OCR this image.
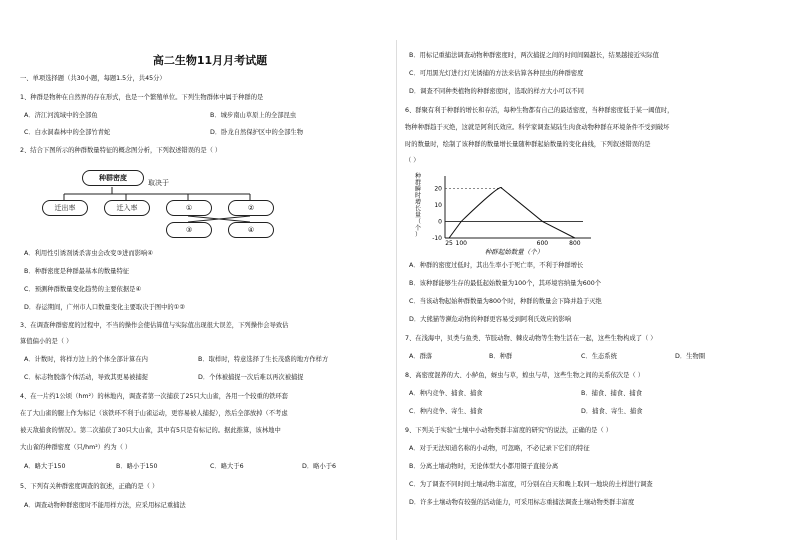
高二生物11月月考试题
一、单项选择题（共30小题，每题1.5分，共45分）
1、种群是物种在自然界的存在形式，也是一个繁殖单位。下列生物群体中属于种群的是
A．济江河流域中的全部鱼	B．城步南山草原上的全部昆虫
C．白水洞森林中的全部竹青蛇	D．卧龙自然保护区中的全部生物
2、结合下图所示的种群数量特征的概念图分析，下列叙述错误的是（ ）
种群密度
取决于
迁出率	迁入率	①	②
③	④
A．利用性引诱剂诱杀害虫会改变③进而影响④
B．种群密度是种群最基本的数量特征
C．预测种群数量变化趋势的主要依据是④
D．春运期间，广州市人口数量变化主要取决于图中的①②
3、在调查种群密度的过程中，不当的操作会使估算值与实际值出现很大误差，下列操作会导致估
算值偏小的是（ ）
A．计数时，将样方边上的个体全部计算在内	B．取样时，特意选择了生长茂盛的地方作样方
C．标志物脱落个体活动，导致其更易被捕捉	D．个体被捕捉一次后难以再次被捕捉
4、在一片约1公顷（hm²）的林地内，调查者第一次捕获了25只大山雀，各用一个较重的铁环套
在了大山雀的腿上作为标记（该铁环不利于山雀运动，更容易被人捕捉），然后全部放掉（不考虑
被天敌捕食的情况）。第二次捕获了30只大山雀，其中有5只是有标记的。据此推算，该林地中
大山雀的种群密度（只/hm²）约为（ ）
A．略大于150	B．略小于150	C．略大于6	D．略小于6
5、下列有关种群密度调查的叙述，正确的是（ ）
A．调查动物种群密度时不能用样方法，应采用标记重捕法
B．用标记重捕法调查动物种群密度时，两次捕捉之间的时间间隔越长，结果越接近实际值
C．可用黑光灯进行灯光诱捕的方法来估算各种昆虫的种群密度
D．调查不同种类植物的种群密度时，选取的样方大小可以不同
6、群聚有利于种群的增长和存活，每种生物都有自己的最适密度，当种群密度低于某一阈值时，
物种种群趋于灭绝，这就是阿利氏效应。科学家调查某陆生肉食动物种群在环境条件不受到破坏
时的数量时，绘制了该种群的数量增长量随种群起始数量的变化曲线，下列叙述错误的是
（ ）
20
10
0
-10
25 100	600	800
种群瞬时增长量（个）
种群起始数量（个）
A．种群的密度过低时，其出生率小于死亡率，不利于种群增长
B．该种群能够生存的最低起始数量为100个，其环境容纳量为600个
C．当该动物起始种群数量为800个时，种群的数量会下降并趋于灭绝
D．大熊猫等濒危动物的种群更容易受到阿利氏效应的影响
7、在浅海中，贝类与鱼类、节肢动物、棘皮动物等生物生活在一起，这些生物构成了（ ）
A．群落	B．种群	C．生态系统	D．生物圈
8、高密度混养的大、小鲈鱼，蚜虫与草，蝗虫与草，这些生物之间的关系依次是（ ）
A．种内竞争、捕食、捕食	B．捕食、捕食、捕食
C．种内竞争、寄生、捕食	D．捕食、寄生、捕食
9、下列关于实验"土壤中小动物类群丰富度的研究"的说法，正确的是（ ）
A．对于无法知道名称的小动物，可忽略，不必记录下它们的特征
B．分离土壤动物时，无论体型大小都用镊子直接分离
C．为了调查不同时间土壤动物丰富度，可分别在白天和晚上取同一地块的土样进行调查
D．许多土壤动物有较强的活动能力，可采用标志重捕法调查土壤动物类群丰富度
